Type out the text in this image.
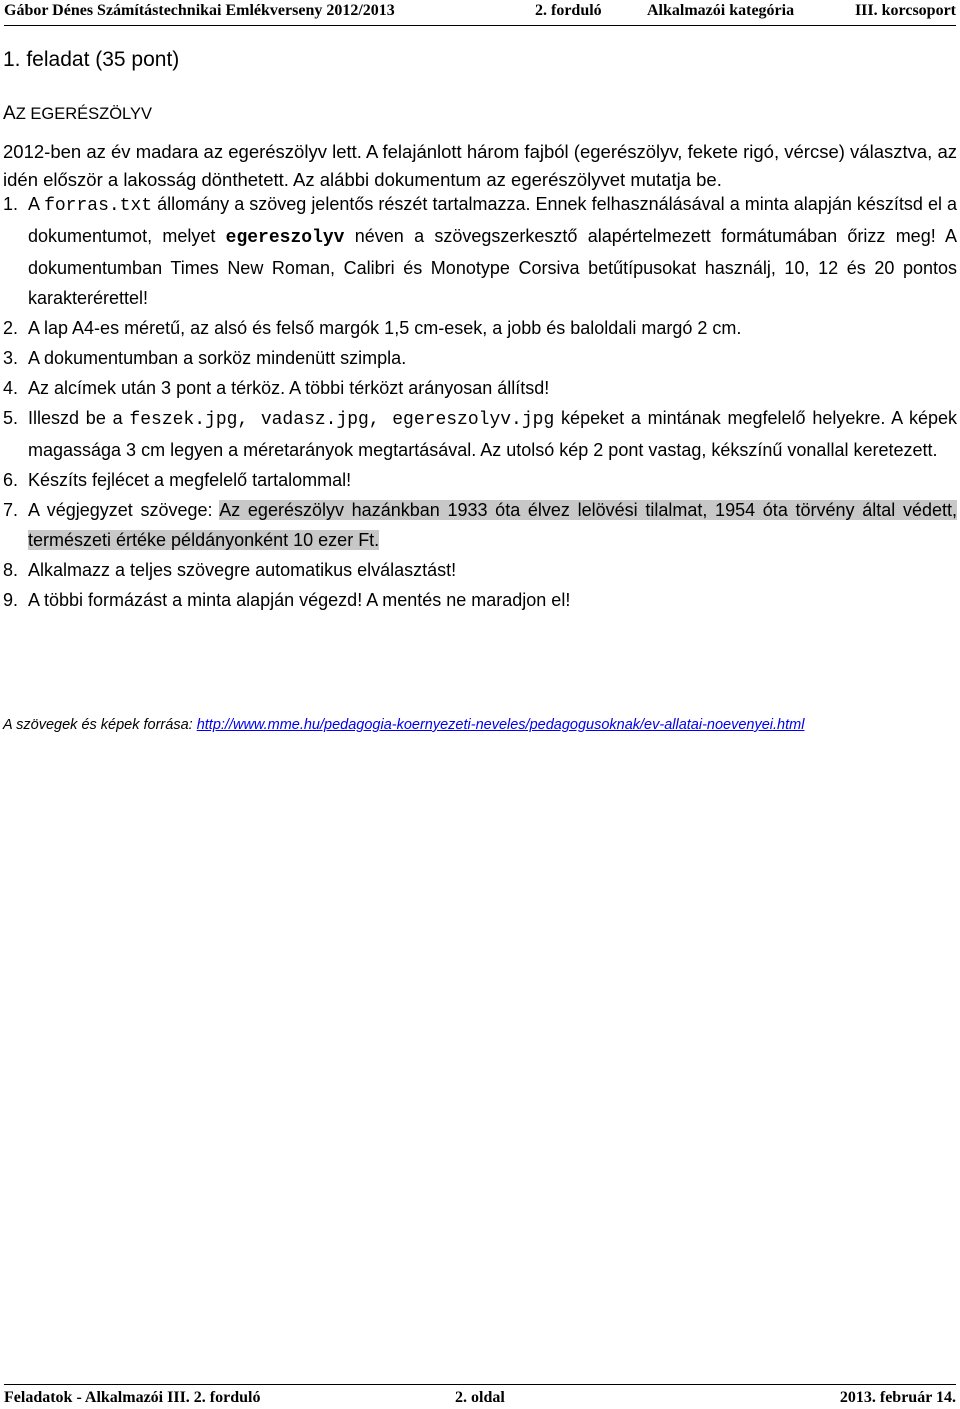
Gábor Dénes Számítástechnikai Emlékverseny 2012/2013	2. forduló	Alkalmazói kategória	III. korcsoport
1. feladat (35 pont)
AZ EGERÉSZÖLYV
2012-ben az év madara az egerészölyv lett. A felajánlott három fajból (egerészölyv, fekete rigó, vércse) választva, az idén először a lakosság dönthetett. Az alábbi dokumentum az egerészölyvet mutatja be.
1. A forras.txt állomány a szöveg jelentős részét tartalmazza. Ennek felhasználásával a minta alapján készítsd el a dokumentumot, melyet egereszolyv néven a szövegszerkesztő alapértelmezett formátumában őrizz meg! A dokumentumban Times New Roman, Calibri és Monotype Corsiva betűtípusokat használj, 10, 12 és 20 pontos karakterérettel!
2. A lap A4-es méretű, az alsó és felső margók 1,5 cm-esek, a jobb és baloldali margó 2 cm.
3. A dokumentumban a sorköz mindenütt szimpla.
4. Az alcímek után 3 pont a térköz. A többi térközt arányosan állítsd!
5. Illeszd be a feszek.jpg, vadasz.jpg, egereszolyv.jpg képeket a mintának megfelelő helyekre. A képek magassága 3 cm legyen a méretarányok megtartásával. Az utolsó kép 2 pont vastag, kékszínű vonallal keretezett.
6. Készíts fejlécet a megfelelő tartalommal!
7. A végjegyzet szövege: Az egerészölyv hazánkban 1933 óta élvez lelövési tilalmat, 1954 óta törvény által védett, természeti értéke példányonként 10 ezer Ft.
8. Alkalmazz a teljes szövegre automatikus elválasztást!
9. A többi formázást a minta alapján végezd! A mentés ne maradjon el!
A szövegek és képek forrása: http://www.mme.hu/pedagogia-koernyezeti-neveles/pedagogusoknak/ev-allatai-noevenyei.html
Feladatok - Alkalmazói III. 2. forduló	2. oldal	2013. február 14.
